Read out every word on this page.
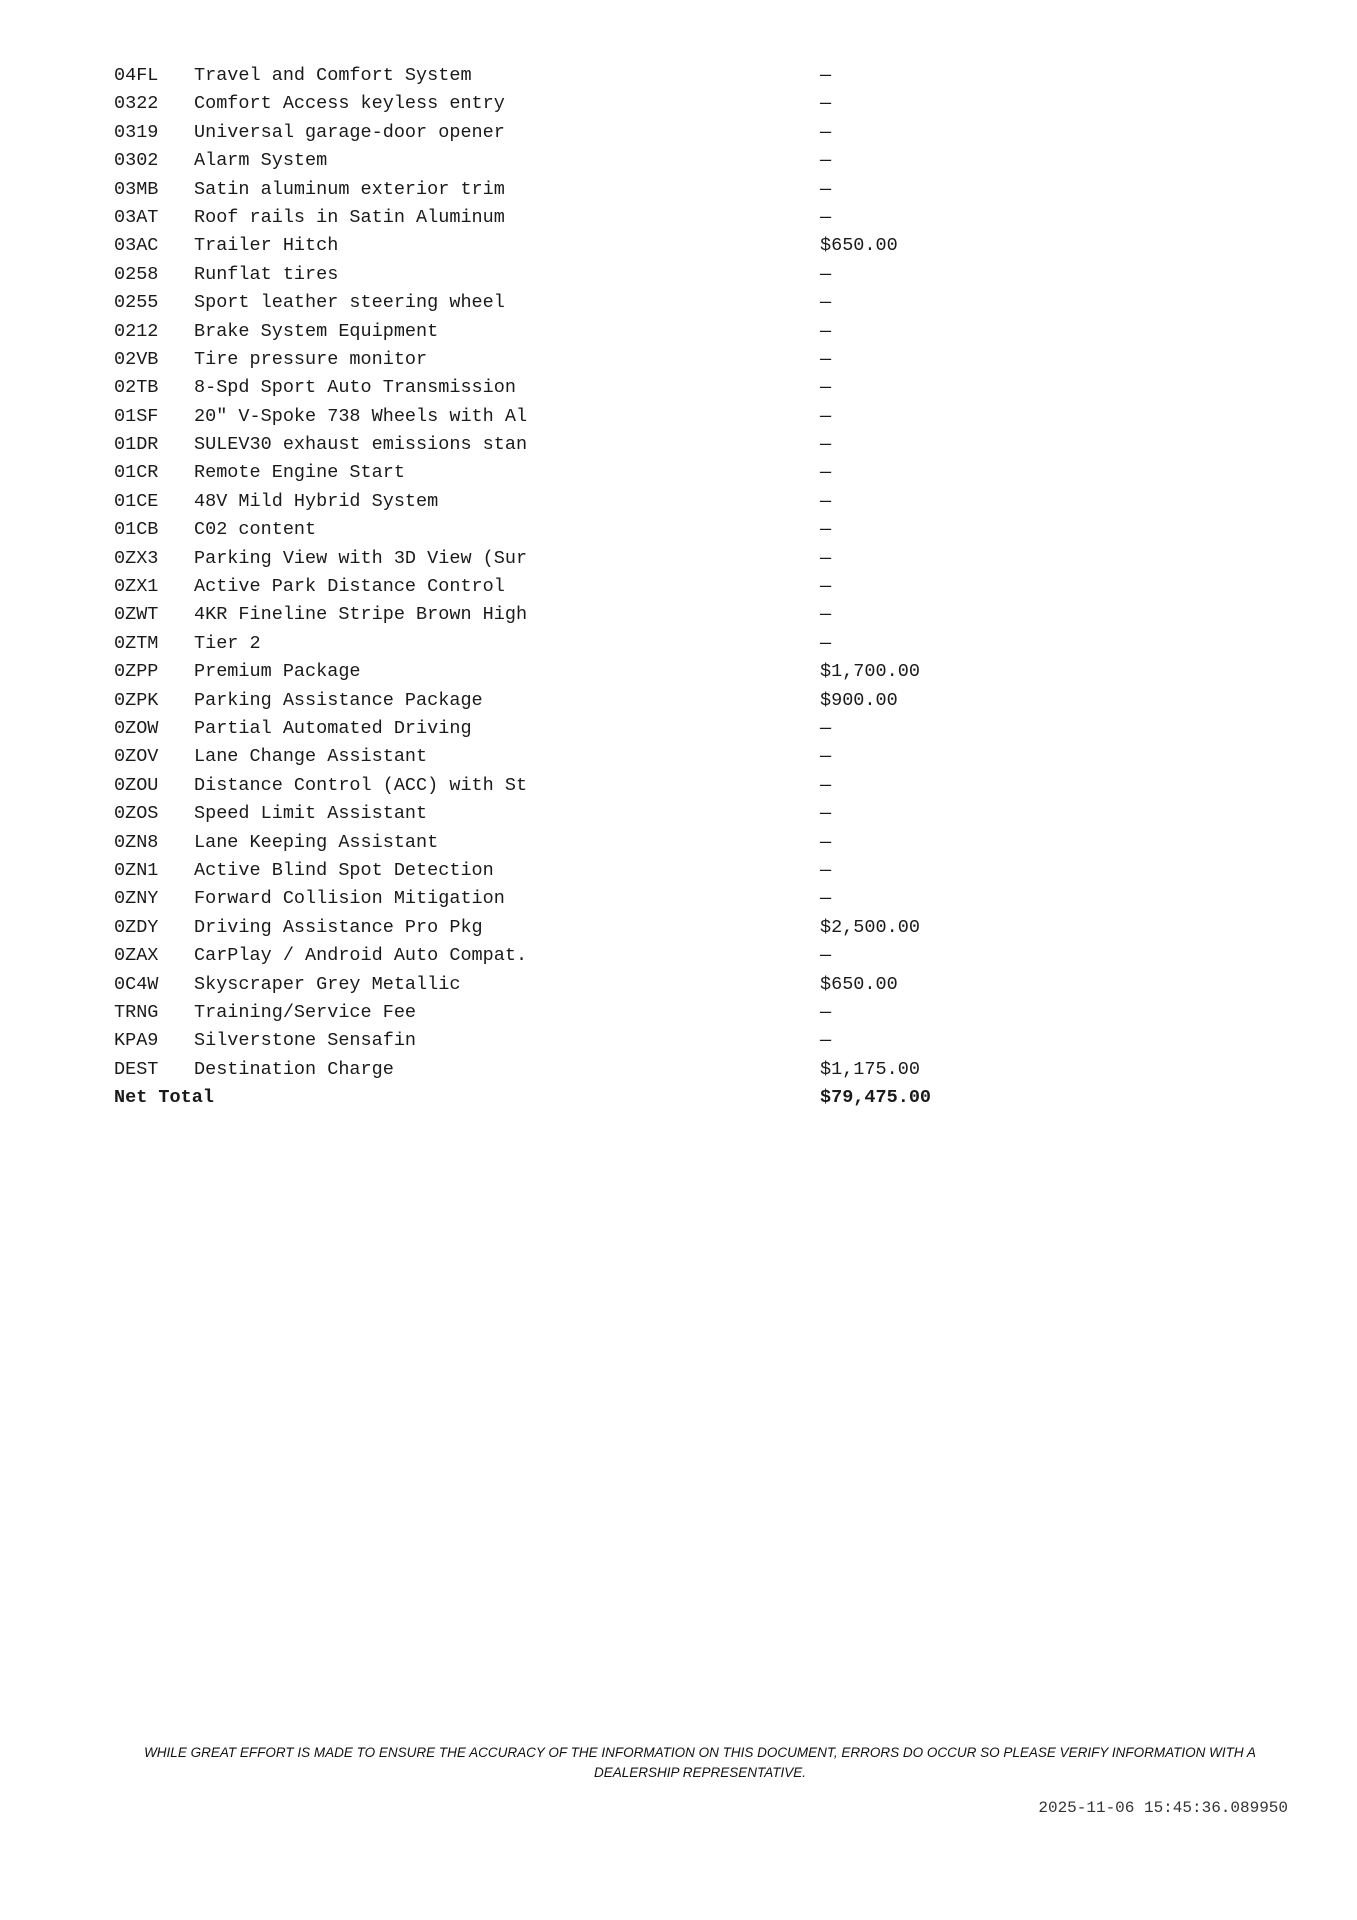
04FL Travel and Comfort System	—
0322 Comfort Access keyless entry	—
0319 Universal garage-door opener	—
0302 Alarm System	—
03MB Satin aluminum exterior trim	—
03AT Roof rails in Satin Aluminum	—
03AC Trailer Hitch	$650.00
0258 Runflat tires	—
0255 Sport leather steering wheel	—
0212 Brake System Equipment	—
02VB Tire pressure monitor	—
02TB 8-Spd Sport Auto Transmission	—
01SF 20" V-Spoke 738 Wheels with Al	—
01DR SULEV30 exhaust emissions stan	—
01CR Remote Engine Start	—
01CE 48V Mild Hybrid System	—
01CB C02 content	—
0ZX3 Parking View with 3D View (Sur	—
0ZX1 Active Park Distance Control	—
0ZWT 4KR Fineline Stripe Brown High	—
0ZTM Tier 2	—
0ZPP Premium Package	$1,700.00
0ZPK Parking Assistance Package	$900.00
0ZOW Partial Automated Driving	—
0ZOV Lane Change Assistant	—
0ZOU Distance Control (ACC) with St	—
0ZOS Speed Limit Assistant	—
0ZN8 Lane Keeping Assistant	—
0ZN1 Active Blind Spot Detection	—
0ZNY Forward Collision Mitigation	—
0ZDY Driving Assistance Pro Pkg	$2,500.00
0ZAX CarPlay / Android Auto Compat.	—
0C4W Skyscraper Grey Metallic	$650.00
TRNG Training/Service Fee	—
KPA9 Silverstone Sensafin	—
DEST Destination Charge	$1,175.00
Net Total	$79,475.00
WHILE GREAT EFFORT IS MADE TO ENSURE THE ACCURACY OF THE INFORMATION ON THIS DOCUMENT, ERRORS DO OCCUR SO PLEASE VERIFY INFORMATION WITH A
DEALERSHIP REPRESENTATIVE.
2025-11-06 15:45:36.089950
